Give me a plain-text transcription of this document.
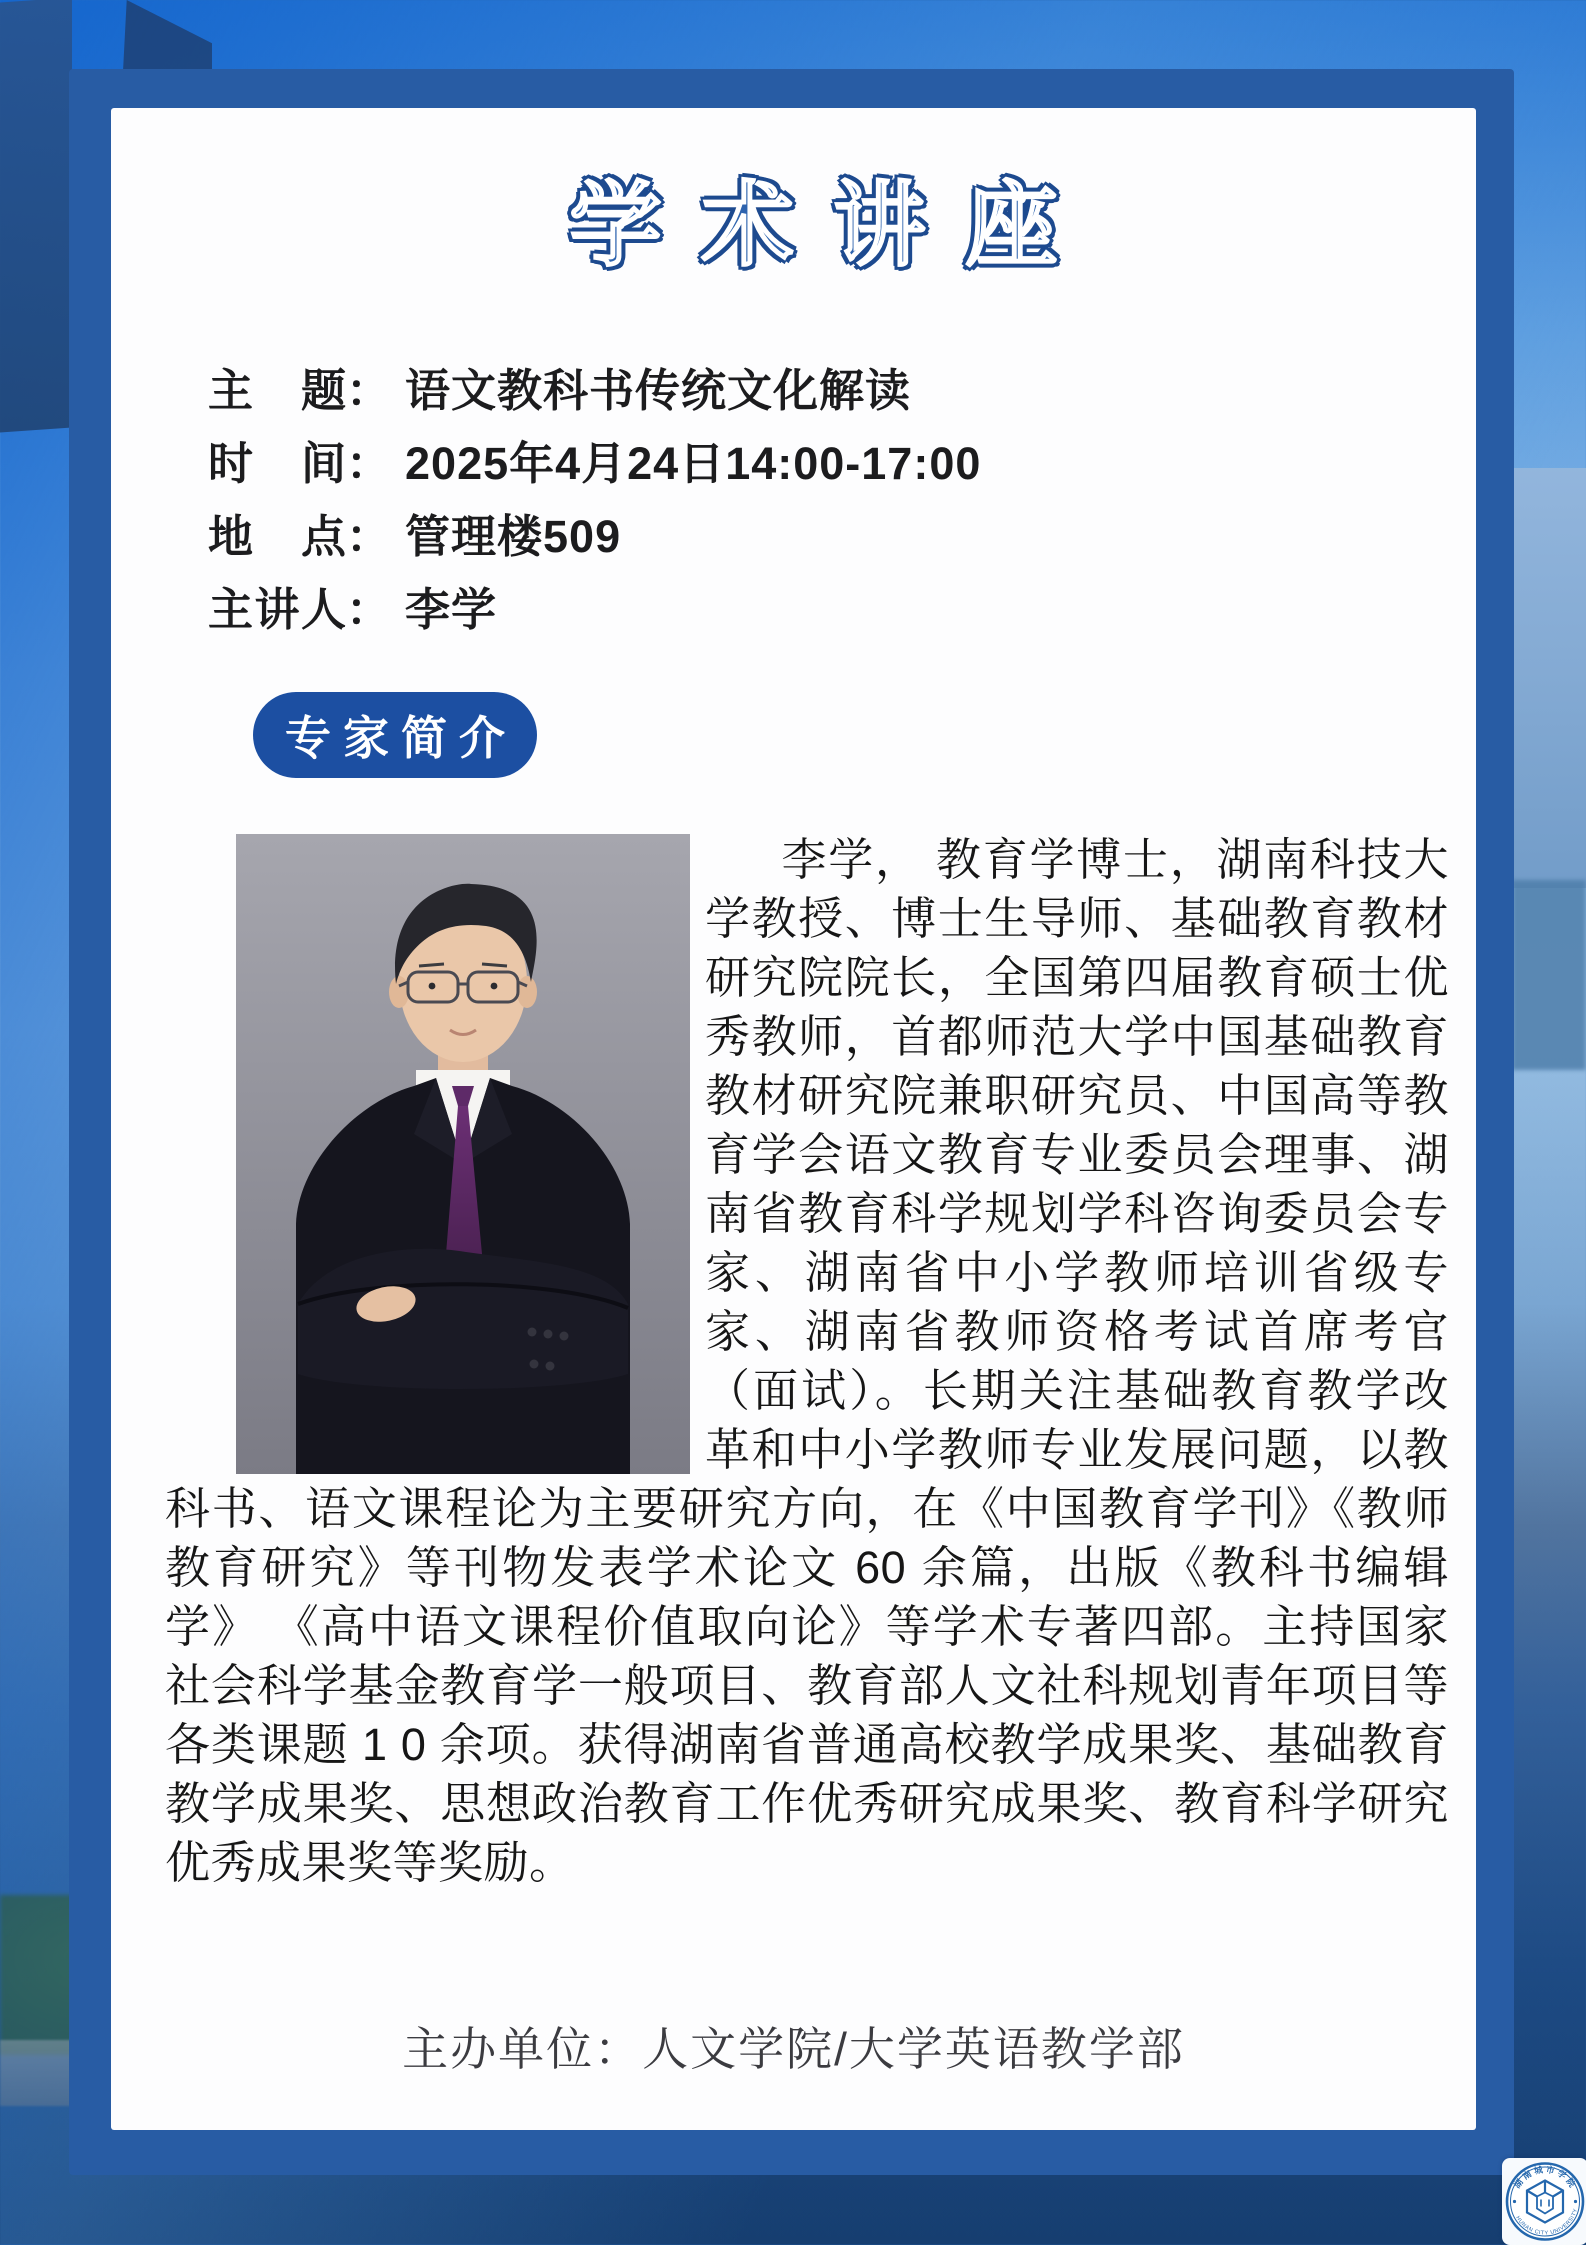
学术讲座
主题： 语文教科书传统文化解读
时间： 2025年4月24日14:00-17:00
地点： 管理楼509
主讲人： 李学
专家简介
李学， 教育学博士，湖南科技大学教授、博士生导师、基础教育教材研究院院长，全国第四届教育硕士优秀教师，首都师范大学中国基础教育教材研究院兼职研究员、中国高等教育学会语文教育专业委员会理事、湖南省教育科学规划学科咨询委员会专家、湖南省中小学教师培训省级专家、湖南省教师资格考试首席考官（面试）。长期关注基础教育教学改革和中小学教师专业发展问题，以教科书、语文课程论为主要研究方向，在《中国教育学刊》《教师教育研究》等刊物发表学术论文 60 余篇，出版《教科书编辑学》 《高中语文课程价值取向论》等学术专著四部。主持国家社会科学基金教育学一般项目、教育部人文社科规划青年项目等各类课题 1 0 余项。获得湖南省普通高校教学成果奖、基础教育教学成果奖、思想政治教育工作优秀研究成果奖、教育科学研究优秀成果奖等奖励。
主办单位：人文学院/大学英语教学部
湖南城市学院
HUNAN CITY UNIVERSITY
